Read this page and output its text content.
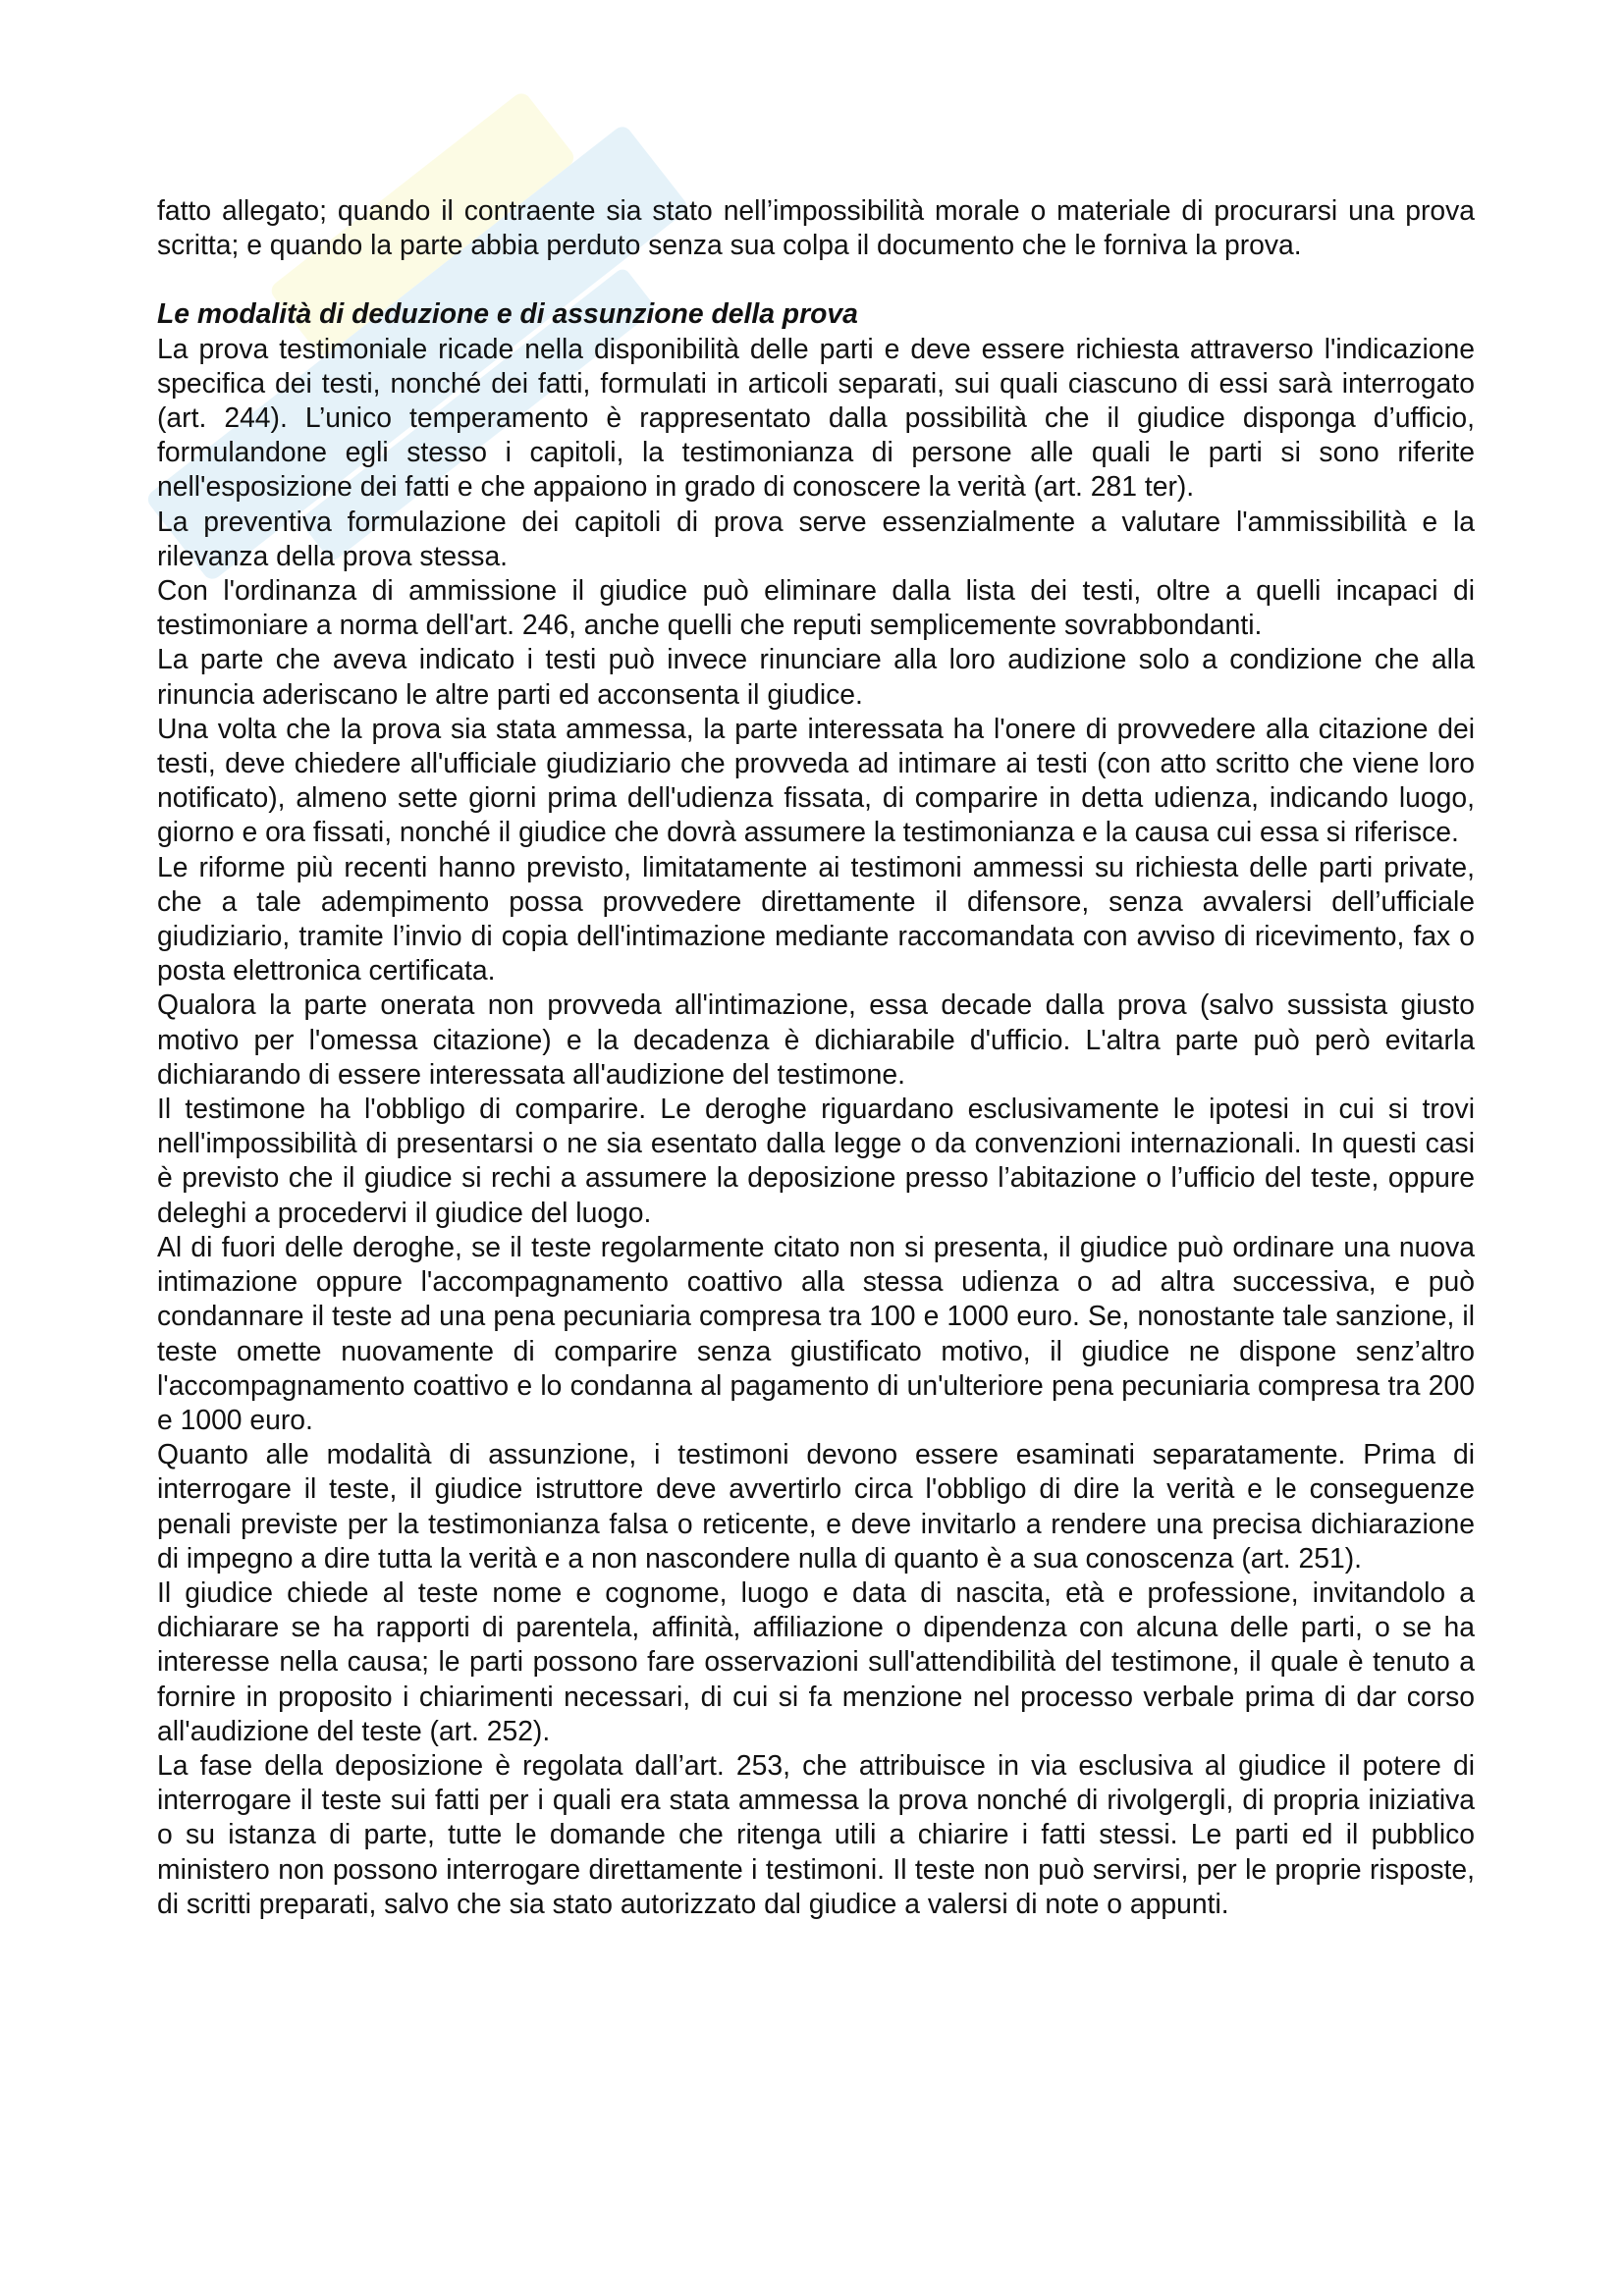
fatto allegato; quando il contraente sia stato nell’impossibilità morale o materiale di procurarsi una prova scritta; e quando la parte abbia perduto senza sua colpa il documento che le forniva la prova.

Le modalità di deduzione e di assunzione della prova

La prova testimoniale ricade nella disponibilità delle parti e deve essere richiesta attraverso l'indicazione specifica dei testi, nonché dei fatti, formulati in articoli separati, sui quali ciascuno di essi sarà interrogato (art. 244). L’unico temperamento è rappresentato dalla possibilità che il giudice disponga d’ufficio, formulandone egli stesso i capitoli, la testimonianza di persone alle quali le parti si sono riferite nell'esposizione dei fatti e che appaiono in grado di conoscere la verità (art. 281 ter).

La preventiva formulazione dei capitoli di prova serve essenzialmente a valutare l'ammissibilità e la rilevanza della prova stessa.

Con l'ordinanza di ammissione il giudice può eliminare dalla lista dei testi, oltre a quelli incapaci di testimoniare a norma dell'art. 246, anche quelli che reputi semplicemente sovrabbondanti.

La parte che aveva indicato i testi può invece rinunciare alla loro audizione solo a condizione che alla rinuncia aderiscano le altre parti ed acconsenta il giudice.

Una volta che la prova sia stata ammessa, la parte interessata ha l'onere di provvedere alla citazione dei testi, deve chiedere all'ufficiale giudiziario che provveda ad intimare ai testi (con atto scritto che viene loro notificato), almeno sette giorni prima dell'udienza fissata, di comparire in detta udienza, indicando luogo, giorno e ora fissati, nonché il giudice che dovrà assumere la testimonianza e la causa cui essa si riferisce.

Le riforme più recenti hanno previsto, limitatamente ai testimoni ammessi su richiesta delle parti private, che a tale adempimento possa provvedere direttamente il difensore, senza avvalersi dell’ufficiale giudiziario, tramite l’invio di copia dell'intimazione mediante raccomandata con avviso di ricevimento, fax o posta elettronica certificata.

Qualora la parte onerata non provveda all'intimazione, essa decade dalla prova (salvo sussista giusto motivo per l'omessa citazione) e la decadenza è dichiarabile d'ufficio. L'altra parte può però evitarla dichiarando di essere interessata all'audizione del testimone.

Il testimone ha l'obbligo di comparire. Le deroghe riguardano esclusivamente le ipotesi in cui si trovi nell'impossibilità di presentarsi o ne sia esentato dalla legge o da convenzioni internazionali. In questi casi è previsto che il giudice si rechi a assumere la deposizione presso l’abitazione o l’ufficio del teste, oppure deleghi a procedervi il giudice del luogo.

Al di fuori delle deroghe, se il teste regolarmente citato non si presenta, il giudice può ordinare una nuova intimazione oppure l'accompagnamento coattivo alla stessa udienza o ad altra successiva, e può condannare il teste ad una pena pecuniaria compresa tra 100 e 1000 euro. Se, nonostante tale sanzione, il teste omette nuovamente di comparire senza giustificato motivo, il giudice ne dispone senz’altro l'accompagnamento coattivo e lo condanna al pagamento di un'ulteriore pena pecuniaria compresa tra 200 e 1000 euro.

Quanto alle modalità di assunzione, i testimoni devono essere esaminati separatamente. Prima di interrogare il teste, il giudice istruttore deve avvertirlo circa l'obbligo di dire la verità e le conseguenze penali previste per la testimonianza falsa o reticente, e deve invitarlo a rendere una precisa dichiarazione di impegno a dire tutta la verità e a non nascondere nulla di quanto è a sua conoscenza (art. 251).

Il giudice chiede al teste nome e cognome, luogo e data di nascita, età e professione, invitandolo a dichiarare se ha rapporti di parentela, affinità, affiliazione o dipendenza con alcuna delle parti, o se ha interesse nella causa; le parti possono fare osservazioni sull'attendibilità del testimone, il quale è tenuto a fornire in proposito i chiarimenti necessari, di cui si fa menzione nel processo verbale prima di dar corso all'audizione del teste (art. 252).

La fase della deposizione è regolata dall’art. 253, che attribuisce in via esclusiva al giudice il potere di interrogare il teste sui fatti per i quali era stata ammessa la prova nonché di rivolgergli, di propria iniziativa o su istanza di parte, tutte le domande che ritenga utili a chiarire i fatti stessi. Le parti ed il pubblico ministero non possono interrogare direttamente i testimoni. Il teste non può servirsi, per le proprie risposte, di scritti preparati, salvo che sia stato autorizzato dal giudice a valersi di note o appunti.
